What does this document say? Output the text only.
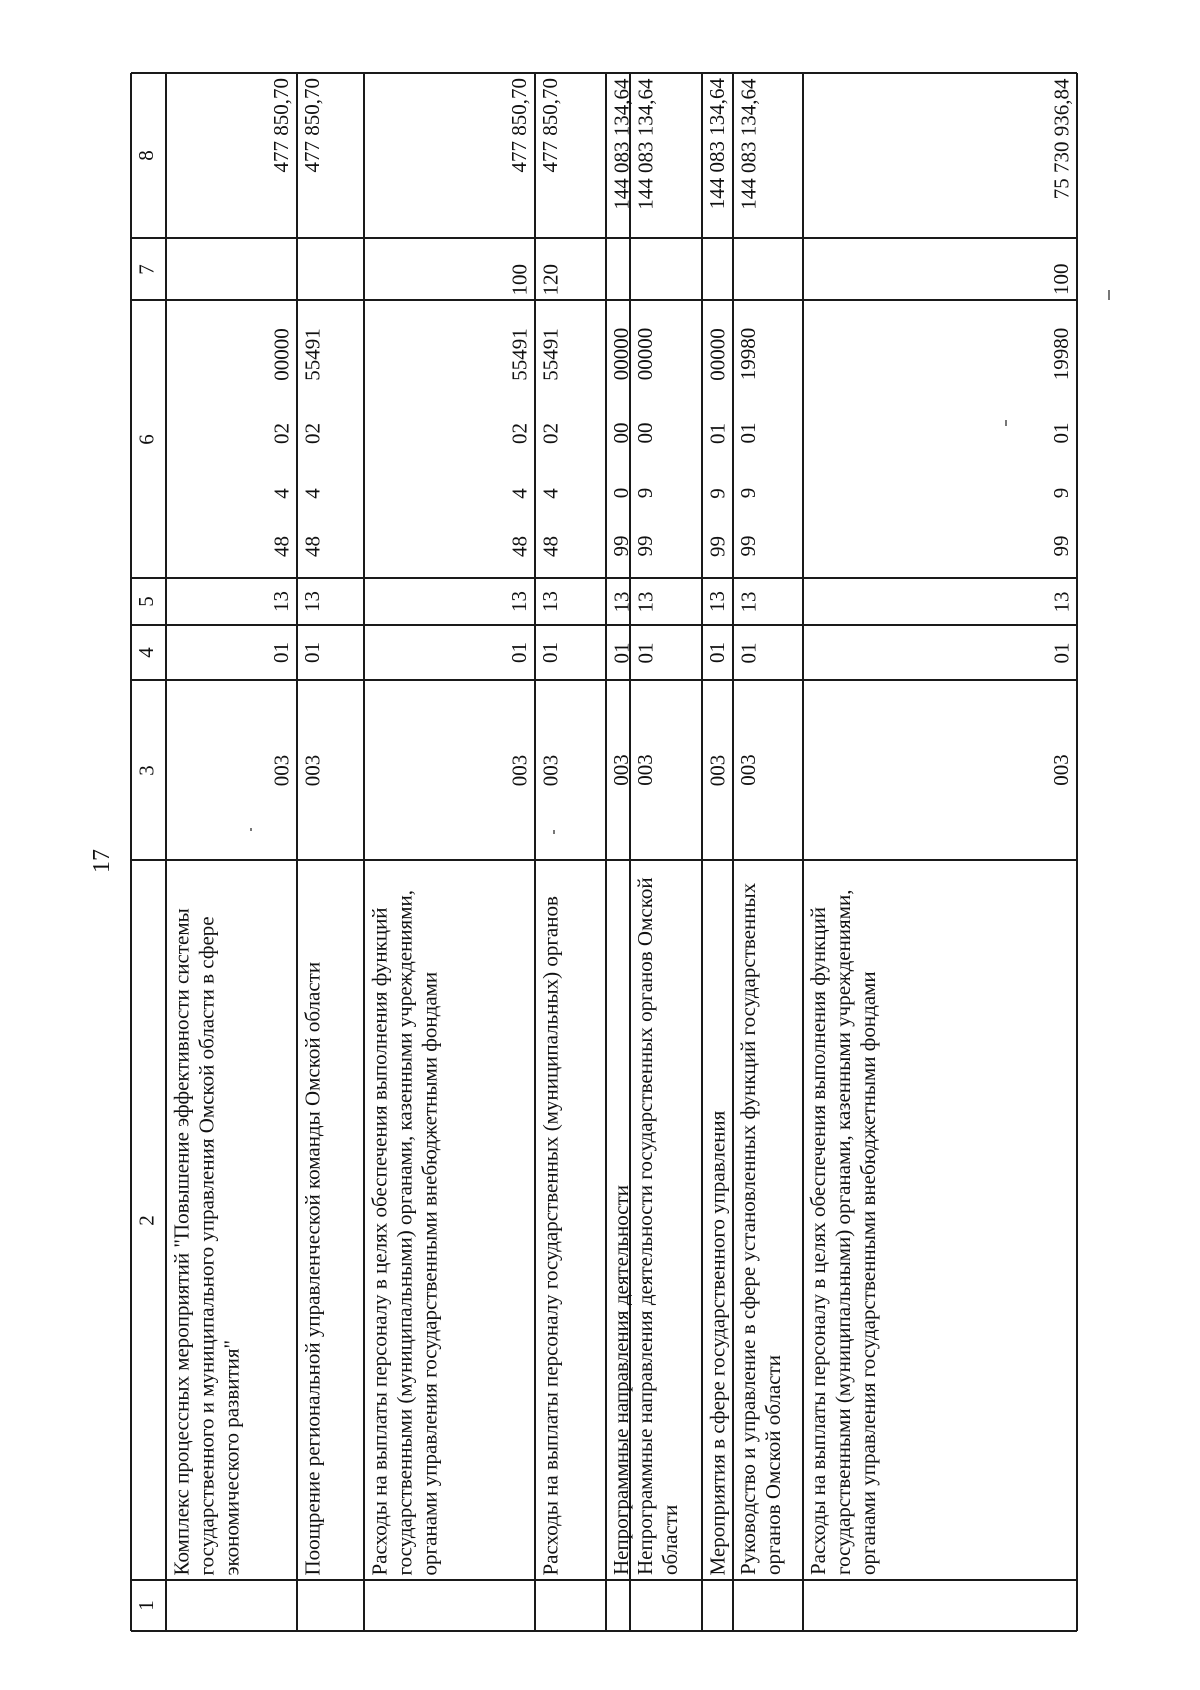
17
1
2
3
4
5
6
7
8
Комплекс процессных мероприятий "Повышение эффективности системы государственного и муниципального управления Омской области в сфере экономического развития"
003
01
13
48
4
02
00000
477 850,70
Поощрение региональной управленческой команды Омской области
003
01
13
48
4
02
55491
477 850,70
Расходы на выплаты персоналу в целях обеспечения выполнения функций государственными (муниципальными) органами, казенными учреждениями, органами управления государственными внебюджетными фондами
003
01
13
48
4
02
55491
100
477 850,70
Расходы на выплаты персоналу государственных (муниципальных) органов
003
01
13
48
4
02
55491
120
477 850,70
Непрограммные направления деятельности
003
01
13
99
0
00
00000
144 083 134,64
Непрограммные направления деятельности государственных органов Омской области
003
01
13
99
9
00
00000
144 083 134,64
Мероприятия в сфере государственного управления
003
01
13
99
9
01
00000
144 083 134,64
Руководство и управление в сфере установленных функций государственных органов Омской области
003
01
13
99
9
01
19980
144 083 134,64
Расходы на выплаты персоналу в целях обеспечения выполнения функций государственными (муниципальными) органами, казенными учреждениями, органами управления государственными внебюджетными фондами
003
01
13
99
9
01
19980
100
75 730 936,84
